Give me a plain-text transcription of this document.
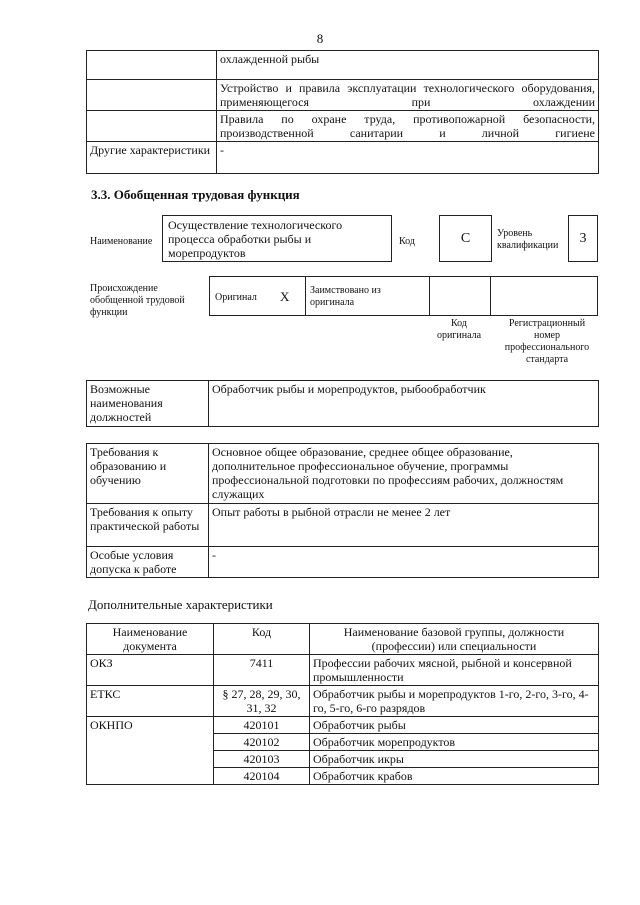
8
	охлажденной рыбы
	Устройство и правила эксплуатации технологического оборудования, применяющегося при охлаждении
	Правила по охране труда, противопожарной безопасности, производственной санитарии и личной гигиене
Другие характеристики	-
3.3. Обобщенная трудовая функция
Наименование
Осуществление технологического процесса обработки рыбы и морепродуктов
Код	С	Уровень квалификации	3
Происхождение обобщенной трудовой функции
Оригинал X Заимствовано из оригинала
Код оригинала
Регистрационный номер профессионального стандарта
Возможные наименования должностей	Обработчик рыбы и морепродуктов, рыбообработчик
Требования к образованию и обучению	Основное общее образование, среднее общее образование, дополнительное профессиональное обучение, программы профессиональной подготовки по профессиям рабочих, должностям служащих
Требования к опыту практической работы	Опыт работы в рыбной отрасли не менее 2 лет
Особые условия допуска к работе	-
Дополнительные характеристики
Наименование документа	Код	Наименование базовой группы, должности (профессии) или специальности
ОКЗ	7411	Профессии рабочих мясной, рыбной и консервной промышленности
ЕТКС	§ 27, 28, 29, 30, 31, 32	Обработчик рыбы и морепродуктов 1-го, 2-го, 3-го, 4-го, 5-го, 6-го разрядов
ОКНПО	420101	Обработчик рыбы
	420102	Обработчик морепродуктов
	420103	Обработчик икры
	420104	Обработчик крабов
